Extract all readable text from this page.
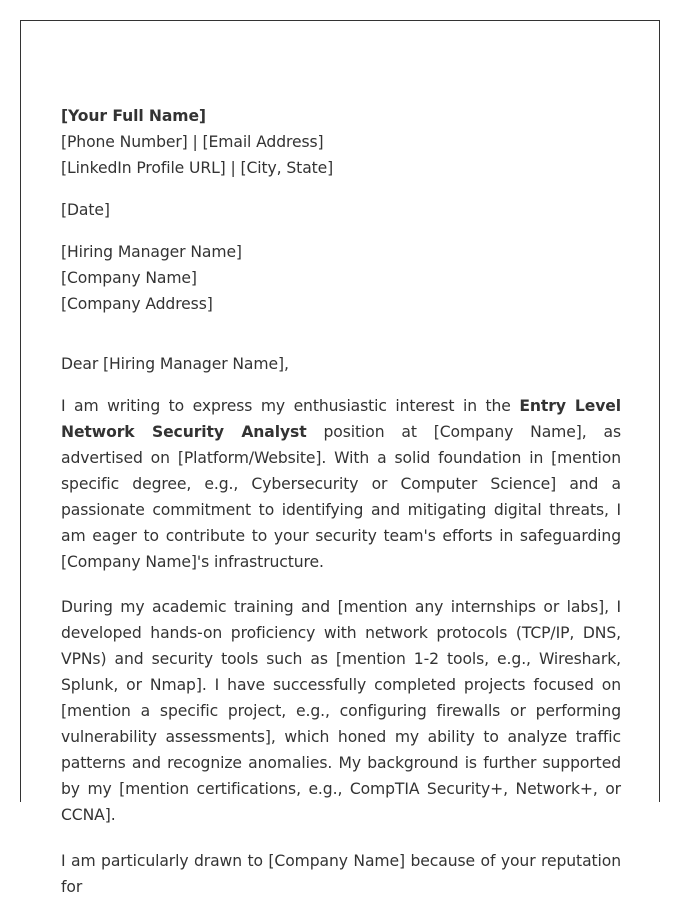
[Your Full Name]
[Phone Number] | [Email Address]
[LinkedIn Profile URL] | [City, State]
[Date]
[Hiring Manager Name]
[Company Name]
[Company Address]
Dear [Hiring Manager Name],

I am writing to express my enthusiastic interest in the Entry Level Network Security Analyst position at [Company Name], as advertised on [Platform/Website]. With a solid foundation in [mention specific degree, e.g., Cybersecurity or Computer Science] and a passionate commitment to identifying and mitigating digital threats, I am eager to contribute to your security team's efforts in safeguarding [Company Name]'s infrastructure.

During my academic training and [mention any internships or labs], I developed hands-on proficiency with network protocols (TCP/IP, DNS, VPNs) and security tools such as [mention 1-2 tools, e.g., Wireshark, Splunk, or Nmap]. I have successfully completed projects focused on [mention a specific project, e.g., configuring firewalls or performing vulnerability assessments], which honed my ability to analyze traffic patterns and recognize anomalies. My background is further supported by my [mention certifications, e.g., CompTIA Security+, Network+, or CCNA].

I am particularly drawn to [Company Name] because of your reputation for
